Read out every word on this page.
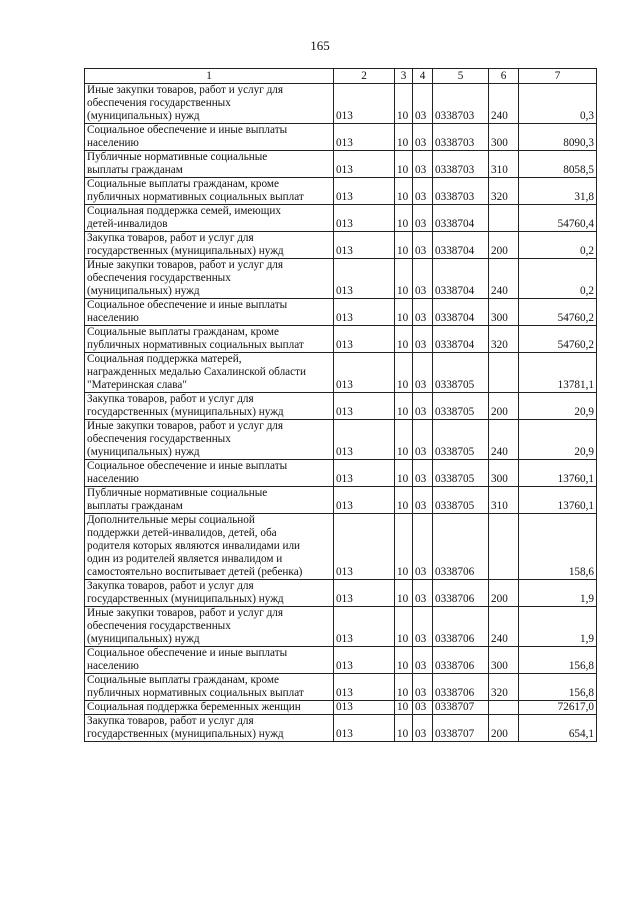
165
1	2	3	4	5	6	7
Иные закупки товаров, работ и услуг для
обеспечения государственных
(муниципальных) нужд	013	10	03	0338703	240	0,3
Социальное обеспечение и иные выплаты
населению	013	10	03	0338703	300	8090,3
Публичные нормативные социальные
выплаты гражданам	013	10	03	0338703	310	8058,5
Социальные выплаты гражданам, кроме
публичных нормативных социальных выплат	013	10	03	0338703	320	31,8
Социальная поддержка семей, имеющих
детей-инвалидов	013	10	03	0338704		54760,4
Закупка товаров, работ и услуг для
государственных (муниципальных) нужд	013	10	03	0338704	200	0,2
Иные закупки товаров, работ и услуг для
обеспечения государственных
(муниципальных) нужд	013	10	03	0338704	240	0,2
Социальное обеспечение и иные выплаты
населению	013	10	03	0338704	300	54760,2
Социальные выплаты гражданам, кроме
публичных нормативных социальных выплат	013	10	03	0338704	320	54760,2
Социальная поддержка матерей,
награжденных медалью Сахалинской области
"Материнская слава"	013	10	03	0338705		13781,1
Закупка товаров, работ и услуг для
государственных (муниципальных) нужд	013	10	03	0338705	200	20,9
Иные закупки товаров, работ и услуг для
обеспечения государственных
(муниципальных) нужд	013	10	03	0338705	240	20,9
Социальное обеспечение и иные выплаты
населению	013	10	03	0338705	300	13760,1
Публичные нормативные социальные
выплаты гражданам	013	10	03	0338705	310	13760,1
Дополнительные меры социальной
поддержки детей-инвалидов, детей, оба
родителя которых являются инвалидами или
один из родителей является инвалидом и
самостоятельно воспитывает детей (ребенка)	013	10	03	0338706		158,6
Закупка товаров, работ и услуг для
государственных (муниципальных) нужд	013	10	03	0338706	200	1,9
Иные закупки товаров, работ и услуг для
обеспечения государственных
(муниципальных) нужд	013	10	03	0338706	240	1,9
Социальное обеспечение и иные выплаты
населению	013	10	03	0338706	300	156,8
Социальные выплаты гражданам, кроме
публичных нормативных социальных выплат	013	10	03	0338706	320	156,8
Социальная поддержка беременных женщин	013	10	03	0338707		72617,0
Закупка товаров, работ и услуг для
государственных (муниципальных) нужд	013	10	03	0338707	200	654,1
